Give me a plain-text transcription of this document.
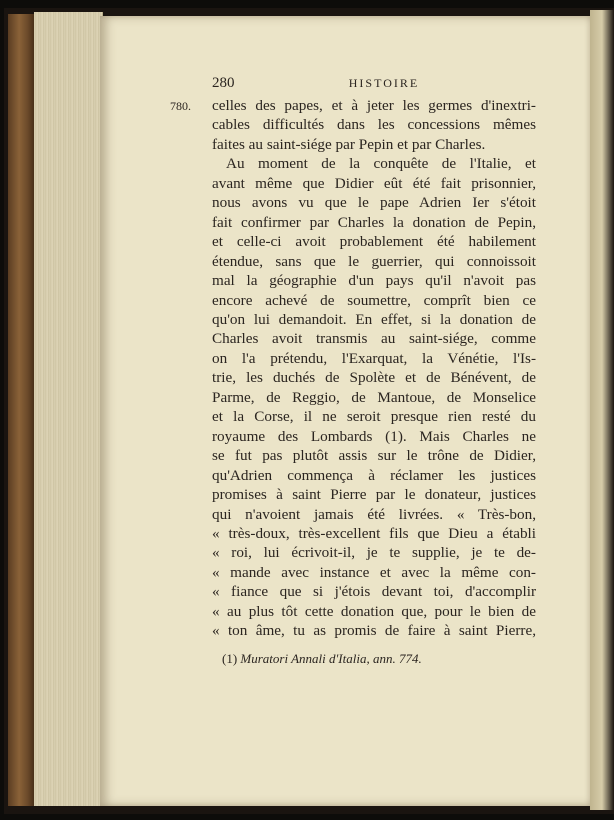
280	HISTOIRE
780. celles des papes, et à jeter les germes d'inextri-
cables difficultés dans les concessions mêmes
faites au saint-siége par Pepin et par Charles.
Au moment de la conquête de l'Italie, et
avant même que Didier eût été fait prisonnier,
nous avons vu que le pape Adrien Ier s'étoit
fait confirmer par Charles la donation de Pepin,
et celle-ci avoit probablement été habilement
étendue, sans que le guerrier, qui connoissoit
mal la géographie d'un pays qu'il n'avoit pas
encore achevé de soumettre, comprît bien ce
qu'on lui demandoit. En effet, si la donation de
Charles avoit transmis au saint-siége, comme
on l'a prétendu, l'Exarquat, la Vénétie, l'Is-
trie, les duchés de Spolète et de Bénévent, de
Parme, de Reggio, de Mantoue, de Monselice
et la Corse, il ne seroit presque rien resté du
royaume des Lombards (1). Mais Charles ne
se fut pas plutôt assis sur le trône de Didier,
qu'Adrien commença à réclamer les justices
promises à saint Pierre par le donateur, justices
qui n'avoient jamais été livrées. « Très-bon,
« très-doux, très-excellent fils que Dieu a établi
« roi, lui écrivoit-il, je te supplie, je te de-
« mande avec instance et avec la même con-
« fiance que si j'étois devant toi, d'accomplir
« au plus tôt cette donation que, pour le bien de
« ton âme, tu as promis de faire à saint Pierre,
(1) Muratori Annali d'Italia, ann. 774.
